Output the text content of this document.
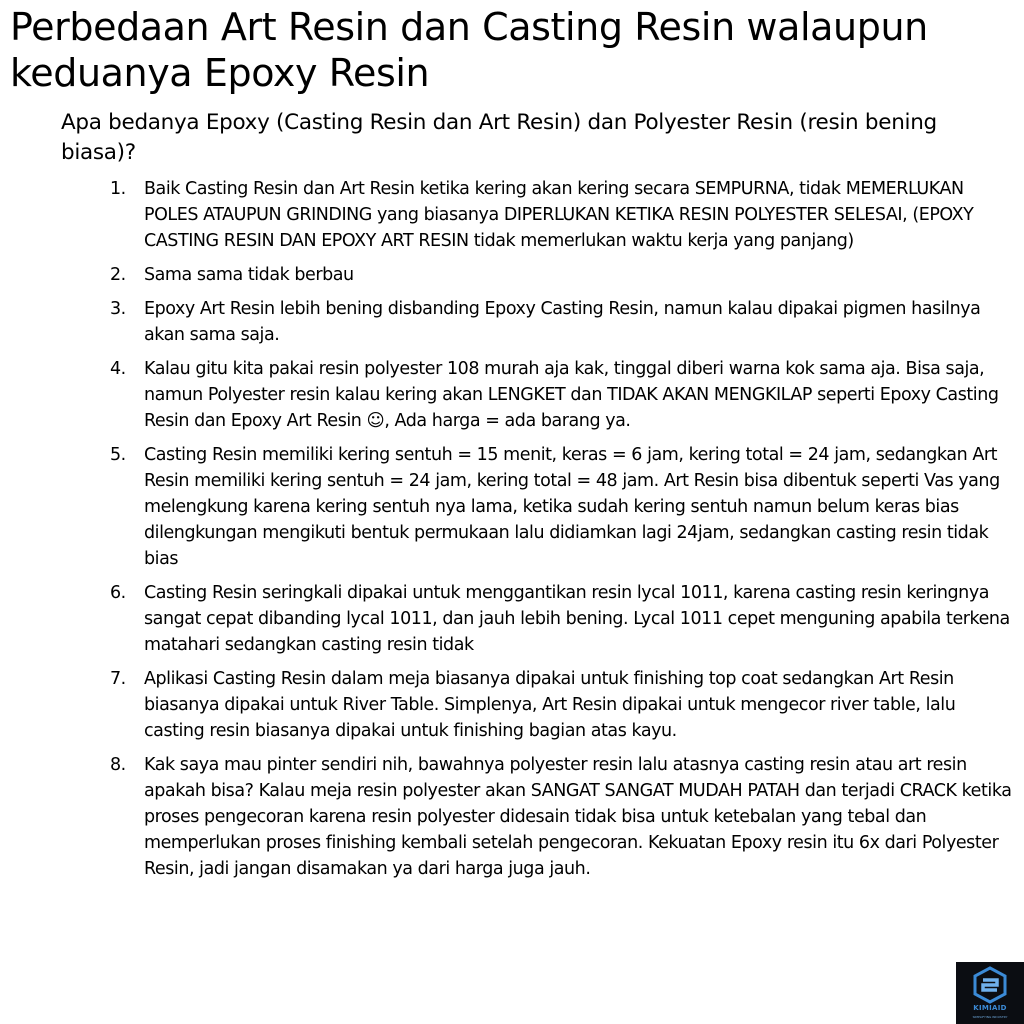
Perbedaan Art Resin dan Casting Resin walaupun keduanya Epoxy Resin
Apa bedanya Epoxy (Casting Resin dan Art Resin) dan Polyester Resin (resin bening biasa)?
1. Baik Casting Resin dan Art Resin ketika kering akan kering secara SEMPURNA, tidak MEMERLUKAN POLES ATAUPUN GRINDING yang biasanya DIPERLUKAN KETIKA RESIN POLYESTER SELESAI, (EPOXY CASTING RESIN DAN EPOXY ART RESIN tidak memerlukan waktu kerja yang panjang)
2. Sama sama tidak berbau
3. Epoxy Art Resin lebih bening disbanding Epoxy Casting Resin, namun kalau dipakai pigmen hasilnya akan sama saja.
4. Kalau gitu kita pakai resin polyester 108 murah aja kak, tinggal diberi warna kok sama aja. Bisa saja, namun Polyester resin kalau kering akan LENGKET dan TIDAK AKAN MENGKILAP seperti Epoxy Casting Resin dan Epoxy Art Resin ☺, Ada harga = ada barang ya.
5. Casting Resin memiliki kering sentuh = 15 menit, keras = 6 jam, kering total = 24 jam, sedangkan Art Resin memiliki kering sentuh = 24 jam, kering total = 48 jam. Art Resin bisa dibentuk seperti Vas yang melengkung karena kering sentuh nya lama, ketika sudah kering sentuh namun belum keras bias dilengkungan mengikuti bentuk permukaan lalu didiamkan lagi 24jam, sedangkan casting resin tidak bias
6. Casting Resin seringkali dipakai untuk menggantikan resin lycal 1011, karena casting resin keringnya sangat cepat dibanding lycal 1011, dan jauh lebih bening. Lycal 1011 cepet menguning apabila terkena matahari sedangkan casting resin tidak
7. Aplikasi Casting Resin dalam meja biasanya dipakai untuk finishing top coat sedangkan Art Resin biasanya dipakai untuk River Table. Simplenya, Art Resin dipakai untuk mengecor river table, lalu casting resin biasanya dipakai untuk finishing bagian atas kayu.
8. Kak saya mau pinter sendiri nih, bawahnya polyester resin lalu atasnya casting resin atau art resin apakah bisa? Kalau meja resin polyester akan SANGAT SANGAT MUDAH PATAH dan terjadi CRACK ketika proses pengecoran karena resin polyester didesain tidak bisa untuk ketebalan yang tebal dan memperlukan proses finishing kembali setelah pengecoran. Kekuatan Epoxy resin itu 6x dari Polyester Resin, jadi jangan disamakan ya dari harga juga jauh.
KIMIAID
SIMPLIFYING INDUSTRY
